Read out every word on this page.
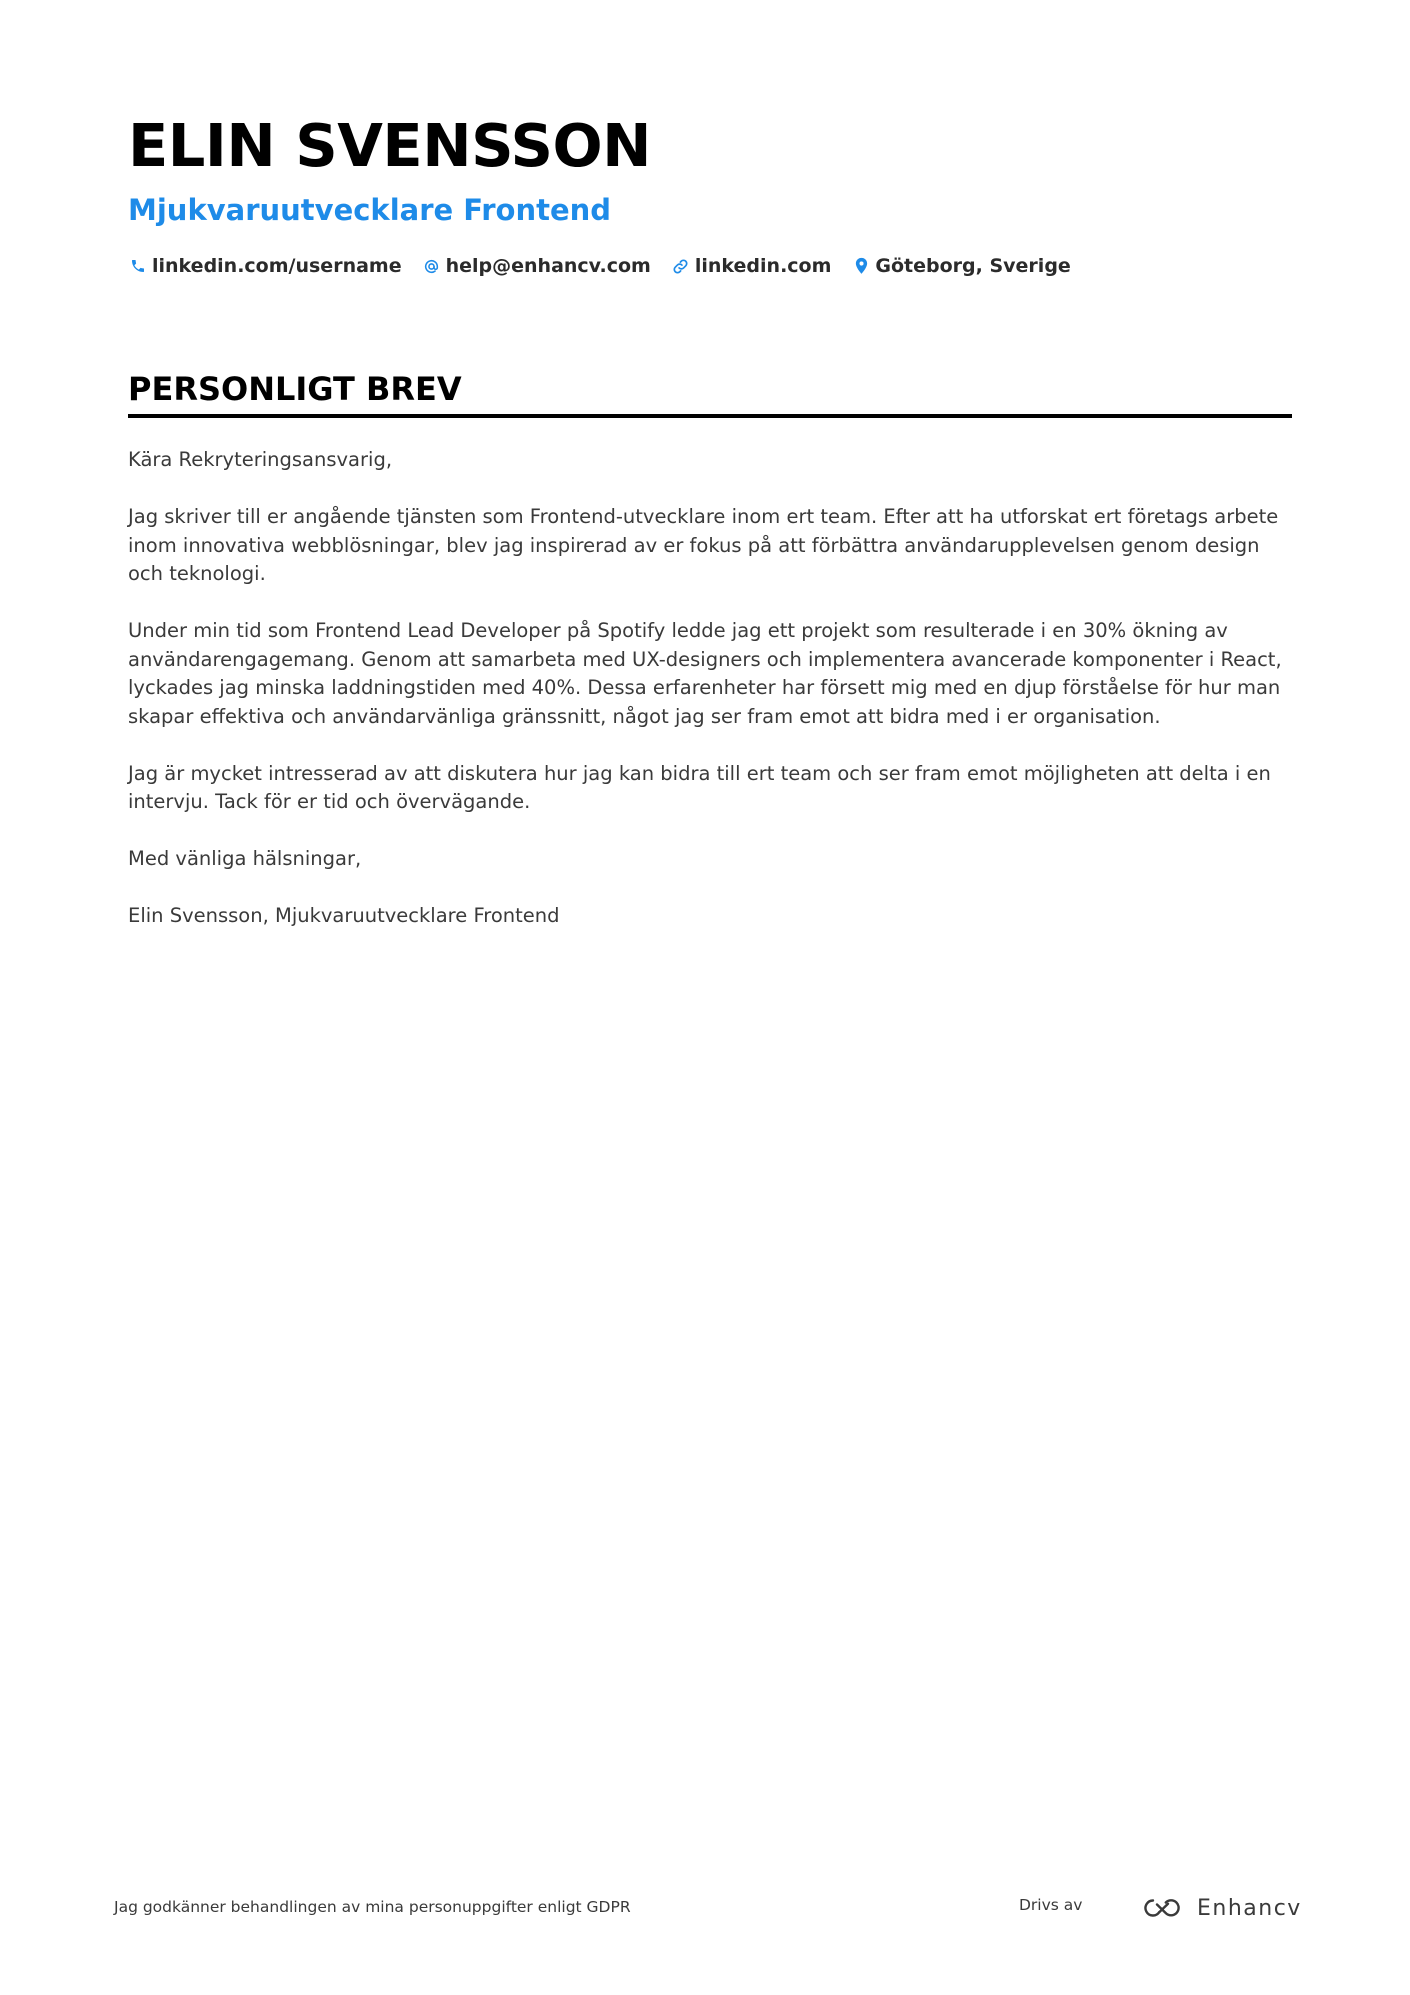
ELIN SVENSSON
Mjukvaruutvecklare Frontend
linkedin.com/username help@enhancv.com linkedin.com Göteborg, Sverige
PERSONLIGT BREV

Kära Rekryteringsansvarig,

Jag skriver till er angående tjänsten som Frontend-utvecklare inom ert team. Efter att ha utforskat ert företags arbete inom innovativa webblösningar, blev jag inspirerad av er fokus på att förbättra användarupplevelsen genom design och teknologi.

Under min tid som Frontend Lead Developer på Spotify ledde jag ett projekt som resulterade i en 30% ökning av användarengagemang. Genom att samarbeta med UX-designers och implementera avancerade komponenter i React, lyckades jag minska laddningstiden med 40%. Dessa erfarenheter har försett mig med en djup förståelse för hur man skapar effektiva och användarvänliga gränssnitt, något jag ser fram emot att bidra med i er organisation.

Jag är mycket intresserad av att diskutera hur jag kan bidra till ert team och ser fram emot möjligheten att delta i en intervju. Tack för er tid och övervägande.

Med vänliga hälsningar,

Elin Svensson, Mjukvaruutvecklare Frontend

Jag godkänner behandlingen av mina personuppgifter enligt GDPR	Drivs av	Enhancv
